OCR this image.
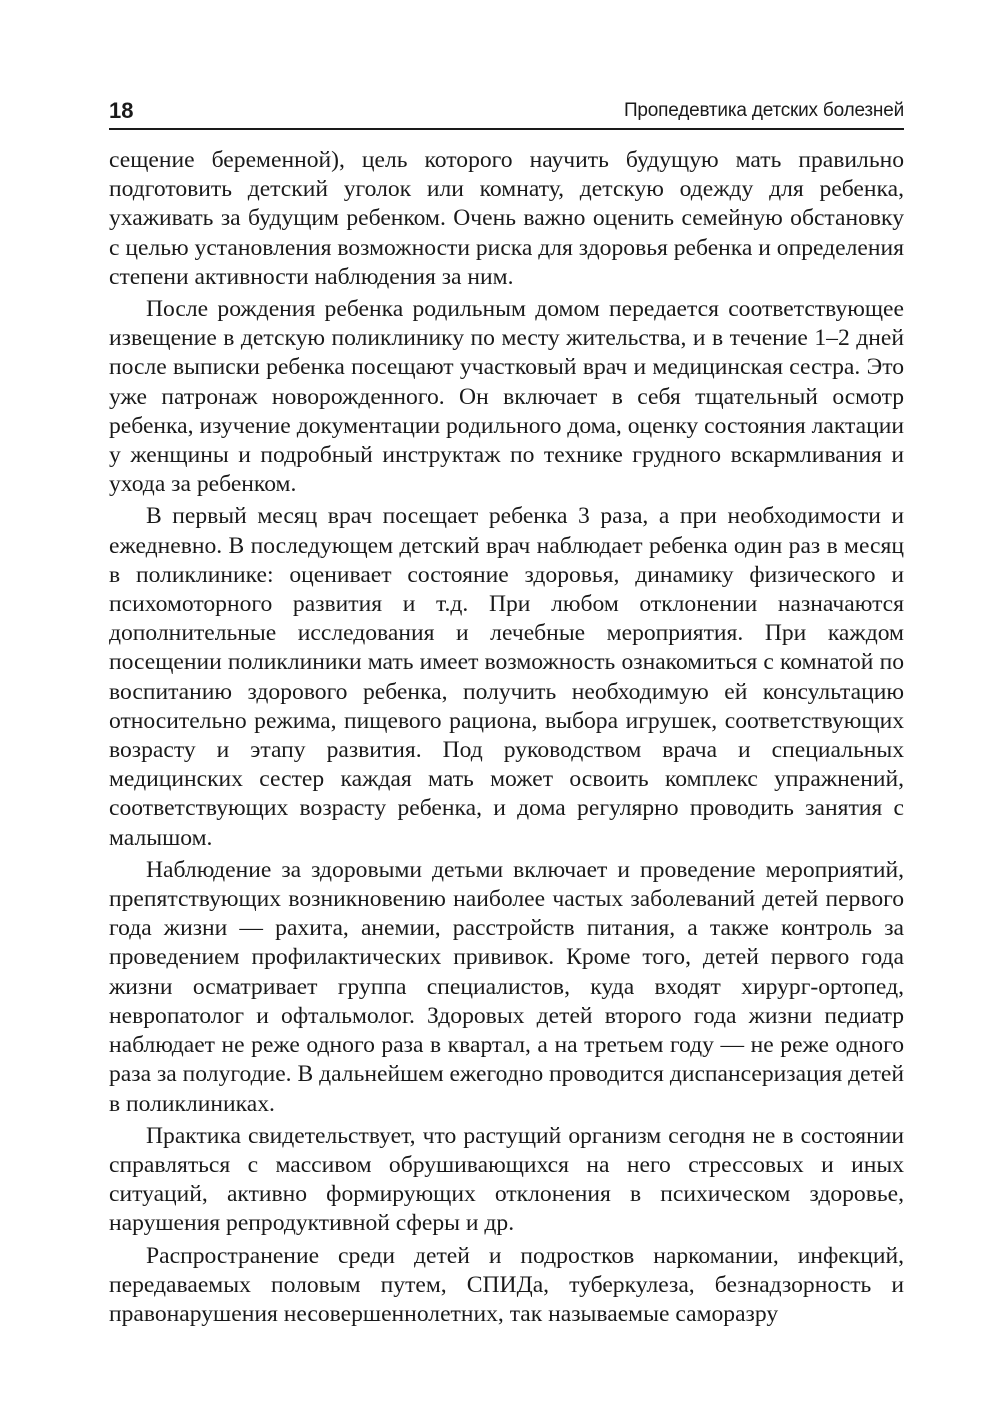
18	Пропедевтика детских болезней

сещение беременной), цель которого научить будущую мать правильно подготовить детский уголок или комнату, детскую одежду для ребенка, ухаживать за будущим ребенком. Очень важно оценить семейную обстановку с целью установления возможности риска для здоровья ребенка и определения степени активности наблюдения за ним.

После рождения ребенка родильным домом передается соответствующее извещение в детскую поликлинику по месту жительства, и в течение 1–2 дней после выписки ребенка посещают участковый врач и медицинская сестра. Это уже патронаж новорожденного. Он включает в себя тщательный осмотр ребенка, изучение документации родильного дома, оценку состояния лактации у женщины и подробный инструктаж по технике грудного вскармливания и ухода за ребенком.

В первый месяц врач посещает ребенка 3 раза, а при необходимости и ежедневно. В последующем детский врач наблюдает ребенка один раз в месяц в поликлинике: оценивает состояние здоровья, динамику физического и психомоторного развития и т.д. При любом отклонении назначаются дополнительные исследования и лечебные мероприятия. При каждом посещении поликлиники мать имеет возможность ознакомиться с комнатой по воспитанию здорового ребенка, получить необходимую ей консультацию относительно режима, пищевого рациона, выбора игрушек, соответствующих возрасту и этапу развития. Под руководством врача и специальных медицинских сестер каждая мать может освоить комплекс упражнений, соответствующих возрасту ребенка, и дома регулярно проводить занятия с малышом.

Наблюдение за здоровыми детьми включает и проведение мероприятий, препятствующих возникновению наиболее частых заболеваний детей первого года жизни — рахита, анемии, расстройств питания, а также контроль за проведением профилактических прививок. Кроме того, детей первого года жизни осматривает группа специалистов, куда входят хирург-ортопед, невропатолог и офтальмолог. Здоровых детей второго года жизни педиатр наблюдает не реже одного раза в квартал, а на третьем году — не реже одного раза за полугодие. В дальнейшем ежегодно проводится диспансеризация детей в поликлиниках.

Практика свидетельствует, что растущий организм сегодня не в состоянии справляться с массивом обрушивающихся на него стрессовых и иных ситуаций, активно формирующих отклонения в психическом здоровье, нарушения репродуктивной сферы и др.

Распространение среди детей и подростков наркомании, инфекций, передаваемых половым путем, СПИДа, туберкулеза, безнадзорность и правонарушения несовершеннолетних, так называемые саморазру
